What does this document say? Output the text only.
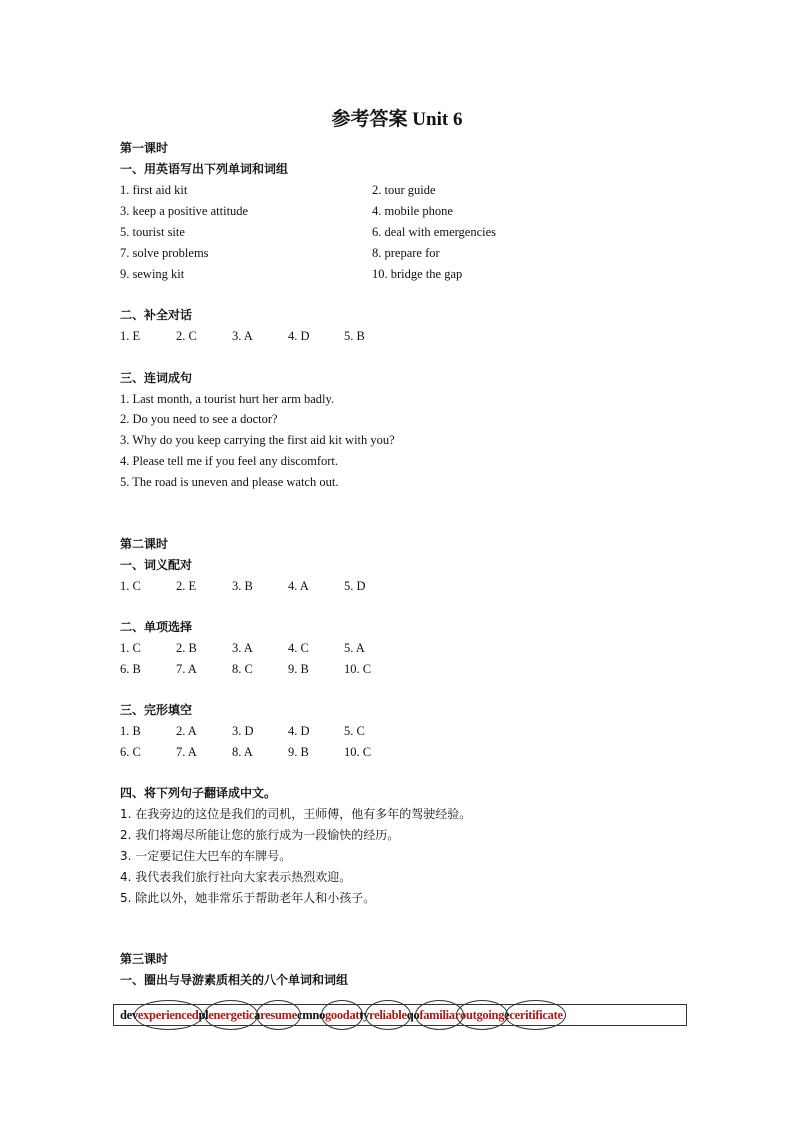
参考答案 Unit 6
第一课时
一、用英语写出下列单词和词组
1. first aid kit	2. tour guide
3. keep a positive attitude	4. mobile phone
5. tourist site	6. deal with emergencies
7. solve problems	8. prepare for
9. sewing kit	10. bridge the gap
二、补全对话
1. E	2. C	3. A	4. D	5. B
三、连词成句
1. Last month, a tourist hurt her arm badly.
2. Do you need to see a doctor?
3. Why do you keep carrying the first aid kit with you?
4. Please tell me if you feel any discomfort.
5. The road is uneven and please watch out.
第二课时
一、词义配对
1. C	2. E	3. B	4. A	5. D
二、单项选择
1. C	2. B	3. A	4. C	5. A
6. B	7. A	8. C	9. B	10. C
三、完形填空
1. B	2. A	3. D	4. D	5. C
6. C	7. A	8. A	9. B	10. C
四、将下列句子翻译成中文。
1. 在我旁边的这位是我们的司机，王师傅，他有多年的驾驶经验。
2. 我们将竭尽所能让您的旅行成为一段愉快的经历。
3. 一定要记住大巴车的车牌号。
4. 我代表我们旅行社向大家表示热烈欢迎。
5. 除此以外，她非常乐于帮助老年人和小孩子。
第三课时
一、圈出与导游素质相关的八个单词和词组
devexperienced
plenergetic
aresume
cmnogoodat
tyreliable
qofamiliar
outgoing
eceritificate
